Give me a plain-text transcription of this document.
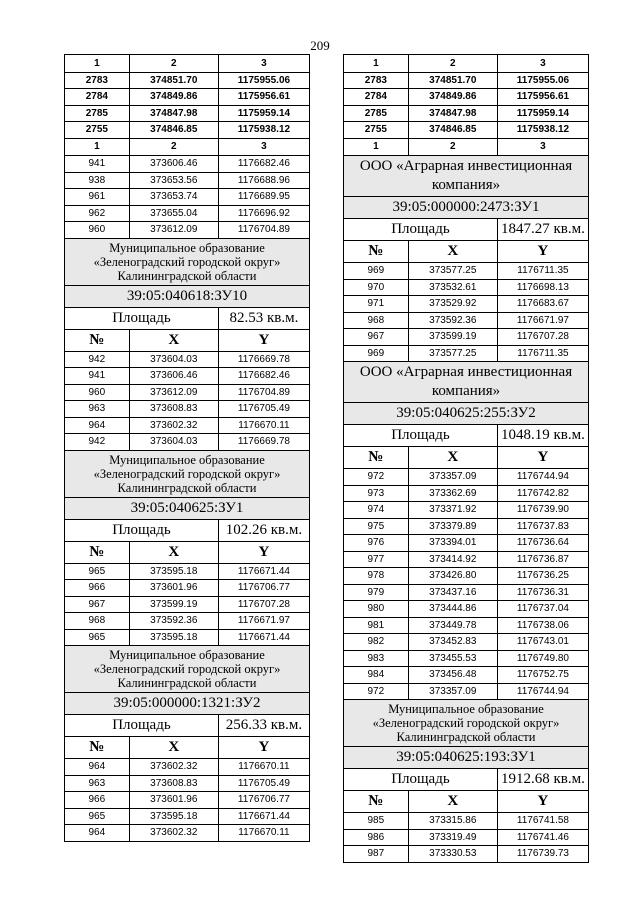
209
1	2	3
2783	374851.70	1175955.06
2784	374849.86	1175956.61
2785	374847.98	1175959.14
2755	374846.85	1175938.12
1	2	3
941	373606.46	1176682.46
938	373653.56	1176688.96
961	373653.74	1176689.95
962	373655.04	1176696.92
960	373612.09	1176704.89
Муниципальное образование «Зеленоградский городской округ» Калининградской области		
39:05:040618:ЗУ10		
Площадь		82.53 кв.м.
№	X	Y
942	373604.03	1176669.78
941	373606.46	1176682.46
960	373612.09	1176704.89
963	373608.83	1176705.49
964	373602.32	1176670.11
942	373604.03	1176669.78
Муниципальное образование «Зеленоградский городской округ» Калининградской области		
39:05:040625:ЗУ1		
Площадь		102.26 кв.м.
№	X	Y
965	373595.18	1176671.44
966	373601.96	1176706.77
967	373599.19	1176707.28
968	373592.36	1176671.97
965	373595.18	1176671.44
Муниципальное образование «Зеленоградский городской округ» Калининградской области		
39:05:000000:1321:ЗУ2		
Площадь		256.33 кв.м.
№	X	Y
964	373602.32	1176670.11
963	373608.83	1176705.49
966	373601.96	1176706.77
965	373595.18	1176671.44
964	373602.32	1176670.11
1	2	3
2783	374851.70	1175955.06
2784	374849.86	1175956.61
2785	374847.98	1175959.14
2755	374846.85	1175938.12
1	2	3
ООО «Аграрная инвестиционная компания»		
39:05:000000:2473:ЗУ1		
Площадь		1847.27 кв.м.
№	X	Y
969	373577.25	1176711.35
970	373532.61	1176698.13
971	373529.92	1176683.67
968	373592.36	1176671.97
967	373599.19	1176707.28
969	373577.25	1176711.35
ООО «Аграрная инвестиционная компания»		
39:05:040625:255:ЗУ2		
Площадь		1048.19 кв.м.
№	X	Y
972	373357.09	1176744.94
973	373362.69	1176742.82
974	373371.92	1176739.90
975	373379.89	1176737.83
976	373394.01	1176736.64
977	373414.92	1176736.87
978	373426.80	1176736.25
979	373437.16	1176736.31
980	373444.86	1176737.04
981	373449.78	1176738.06
982	373452.83	1176743.01
983	373455.53	1176749.80
984	373456.48	1176752.75
972	373357.09	1176744.94
Муниципальное образование «Зеленоградский городской округ» Калининградской области		
39:05:040625:193:ЗУ1		
Площадь		1912.68 кв.м.
№	X	Y
985	373315.86	1176741.58
986	373319.49	1176741.46
987	373330.53	1176739.73
